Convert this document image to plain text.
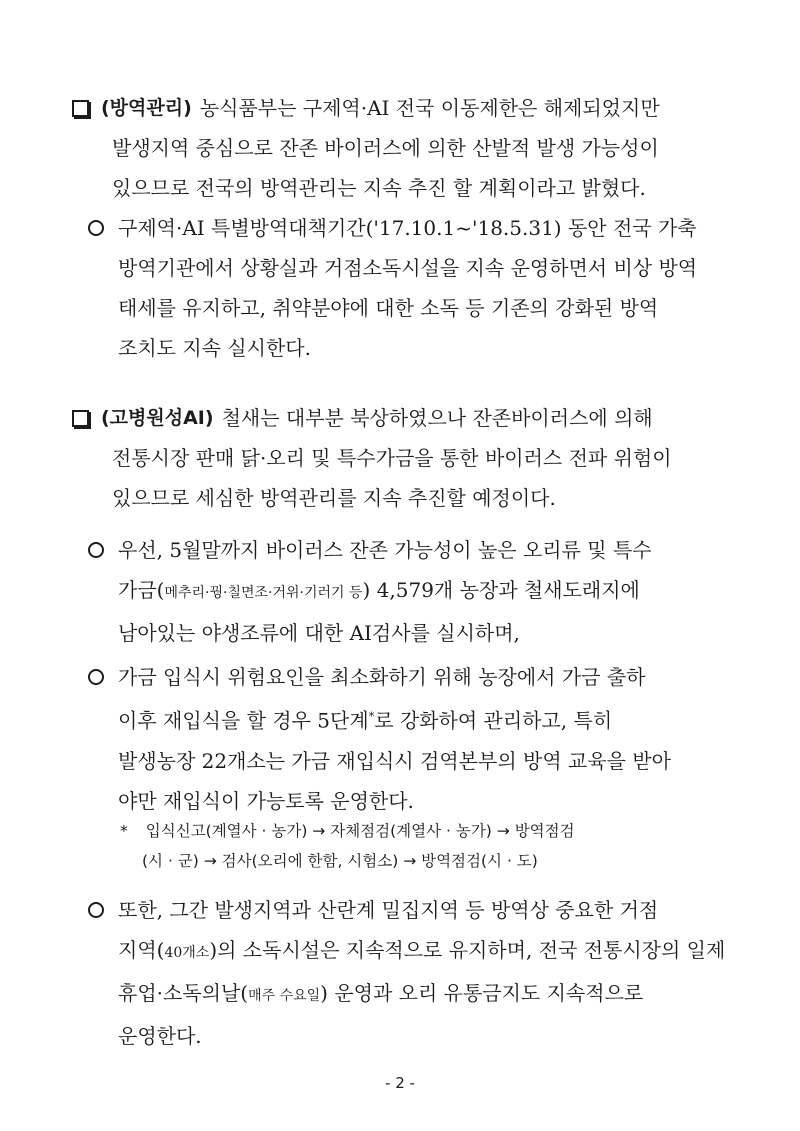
(방역관리) 농식품부는 구제역·AI 전국 이동제한은 해제되었지만
발생지역 중심으로 잔존 바이러스에 의한 산발적 발생 가능성이
있으므로 전국의 방역관리는 지속 추진 할 계획이라고 밝혔다.
구제역·AI 특별방역대책기간('17.10.1~'18.5.31) 동안 전국 가축
방역기관에서 상황실과 거점소독시설을 지속 운영하면서 비상 방역
태세를 유지하고, 취약분야에 대한 소독 등 기존의 강화된 방역
조치도 지속 실시한다.
(고병원성AI) 철새는 대부분 북상하였으나 잔존바이러스에 의해
전통시장 판매 닭·오리 및 특수가금을 통한 바이러스 전파 위험이
있으므로 세심한 방역관리를 지속 추진할 예정이다.
우선, 5월말까지 바이러스 잔존 가능성이 높은 오리류 및 특수
가금(메추리·꿩·칠면조·거위·기러기 등) 4,579개 농장과 철새도래지에
남아있는 야생조류에 대한 AI검사를 실시하며,
가금 입식시 위험요인을 최소화하기 위해 농장에서 가금 출하
이후 재입식을 할 경우 5단계*로 강화하여 관리하고, 특히
발생농장 22개소는 가금 재입식시 검역본부의 방역 교육을 받아
야만 재입식이 가능토록 운영한다.
* 입식신고(계열사 · 농가) → 자체점검(계열사 · 농가) → 방역점검
(시 · 군) → 검사(오리에 한함, 시험소) → 방역점검(시 · 도)
또한, 그간 발생지역과 산란계 밀집지역 등 방역상 중요한 거점
지역(40개소)의 소독시설은 지속적으로 유지하며, 전국 전통시장의 일제
휴업·소독의날(매주 수요일) 운영과 오리 유통금지도 지속적으로
운영한다.
- 2 -
